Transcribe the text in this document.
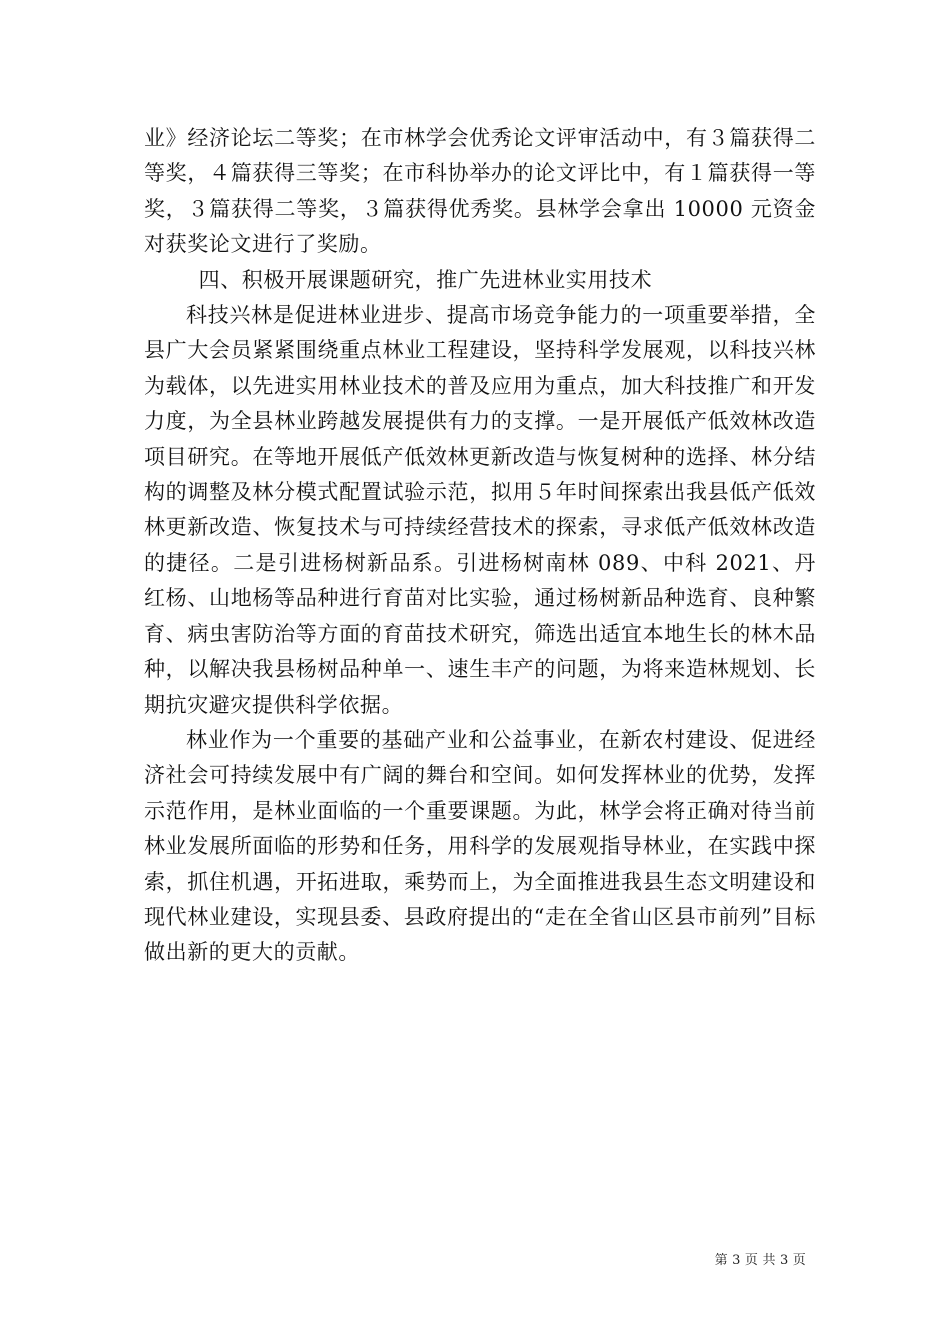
业》经济论坛二等奖；在市林学会优秀论文评审活动中，有３篇获得二等奖，４篇获得三等奖；在市科协举办的论文评比中，有１篇获得一等奖，３篇获得二等奖，３篇获得优秀奖。县林学会拿出 10000 元资金对获奖论文进行了奖励。

四、积极开展课题研究，推广先进林业实用技术

科技兴林是促进林业进步、提高市场竞争能力的一项重要举措，全县广大会员紧紧围绕重点林业工程建设，坚持科学发展观，以科技兴林为载体，以先进实用林业技术的普及应用为重点，加大科技推广和开发力度，为全县林业跨越发展提供有力的支撑。一是开展低产低效林改造项目研究。在等地开展低产低效林更新改造与恢复树种的选择、林分结构的调整及林分模式配置试验示范，拟用５年时间探索出我县低产低效林更新改造、恢复技术与可持续经营技术的探索，寻求低产低效林改造的捷径。二是引进杨树新品系。引进杨树南林 089、中科 2021、丹红杨、山地杨等品种进行育苗对比实验，通过杨树新品种选育、良种繁育、病虫害防治等方面的育苗技术研究，筛选出适宜本地生长的林木品种，以解决我县杨树品种单一、速生丰产的问题，为将来造林规划、长期抗灾避灾提供科学依据。

林业作为一个重要的基础产业和公益事业，在新农村建设、促进经济社会可持续发展中有广阔的舞台和空间。如何发挥林业的优势，发挥示范作用，是林业面临的一个重要课题。为此，林学会将正确对待当前林业发展所面临的形势和任务，用科学的发展观指导林业，在实践中探索，抓住机遇，开拓进取，乘势而上，为全面推进我县生态文明建设和现代林业建设，实现县委、县政府提出的“走在全省山区县市前列”目标做出新的更大的贡献。

第 3 页 共 3 页
